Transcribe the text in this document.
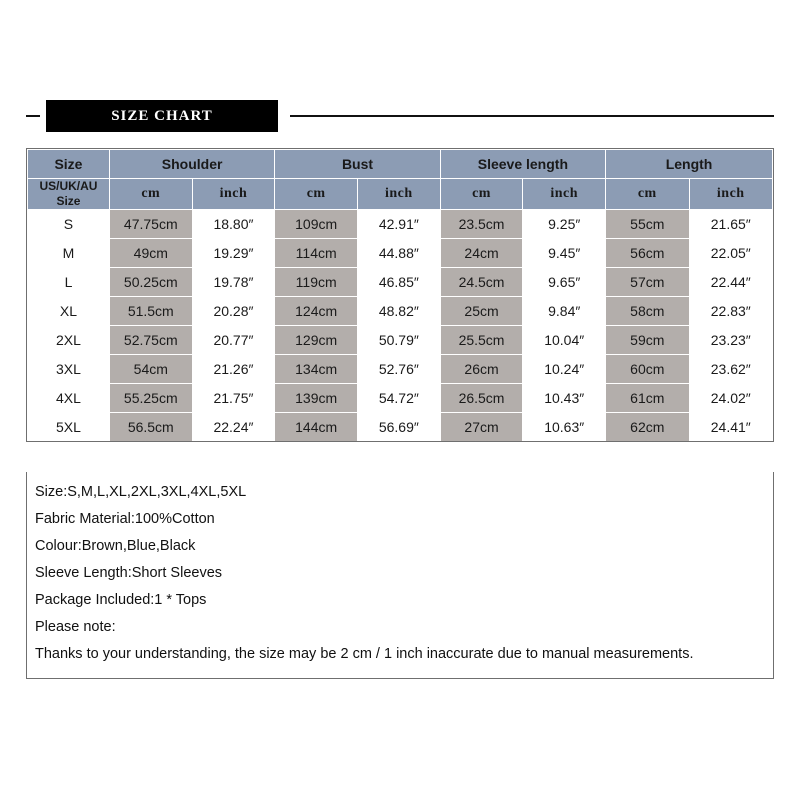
SIZE CHART
Size	Shoulder		Bust		Sleeve length		Length	
US/UK/AU Size	cm	inch	cm	inch	cm	inch	cm	inch
S	47.75cm	18.80″	109cm	42.91″	23.5cm	9.25″	55cm	21.65″
M	49cm	19.29″	114cm	44.88″	24cm	9.45″	56cm	22.05″
L	50.25cm	19.78″	119cm	46.85″	24.5cm	9.65″	57cm	22.44″
XL	51.5cm	20.28″	124cm	48.82″	25cm	9.84″	58cm	22.83″
2XL	52.75cm	20.77″	129cm	50.79″	25.5cm	10.04″	59cm	23.23″
3XL	54cm	21.26″	134cm	52.76″	26cm	10.24″	60cm	23.62″
4XL	55.25cm	21.75″	139cm	54.72″	26.5cm	10.43″	61cm	24.02″
5XL	56.5cm	22.24″	144cm	56.69″	27cm	10.63″	62cm	24.41″

Size:S,M,L,XL,2XL,3XL,4XL,5XL

Fabric Material:100%Cotton

Colour:Brown,Blue,Black

Sleeve Length:Short Sleeves

Package Included:1 * Tops

Please note:

Thanks to your understanding, the size may be 2 cm / 1 inch inaccurate due to manual measurements.
